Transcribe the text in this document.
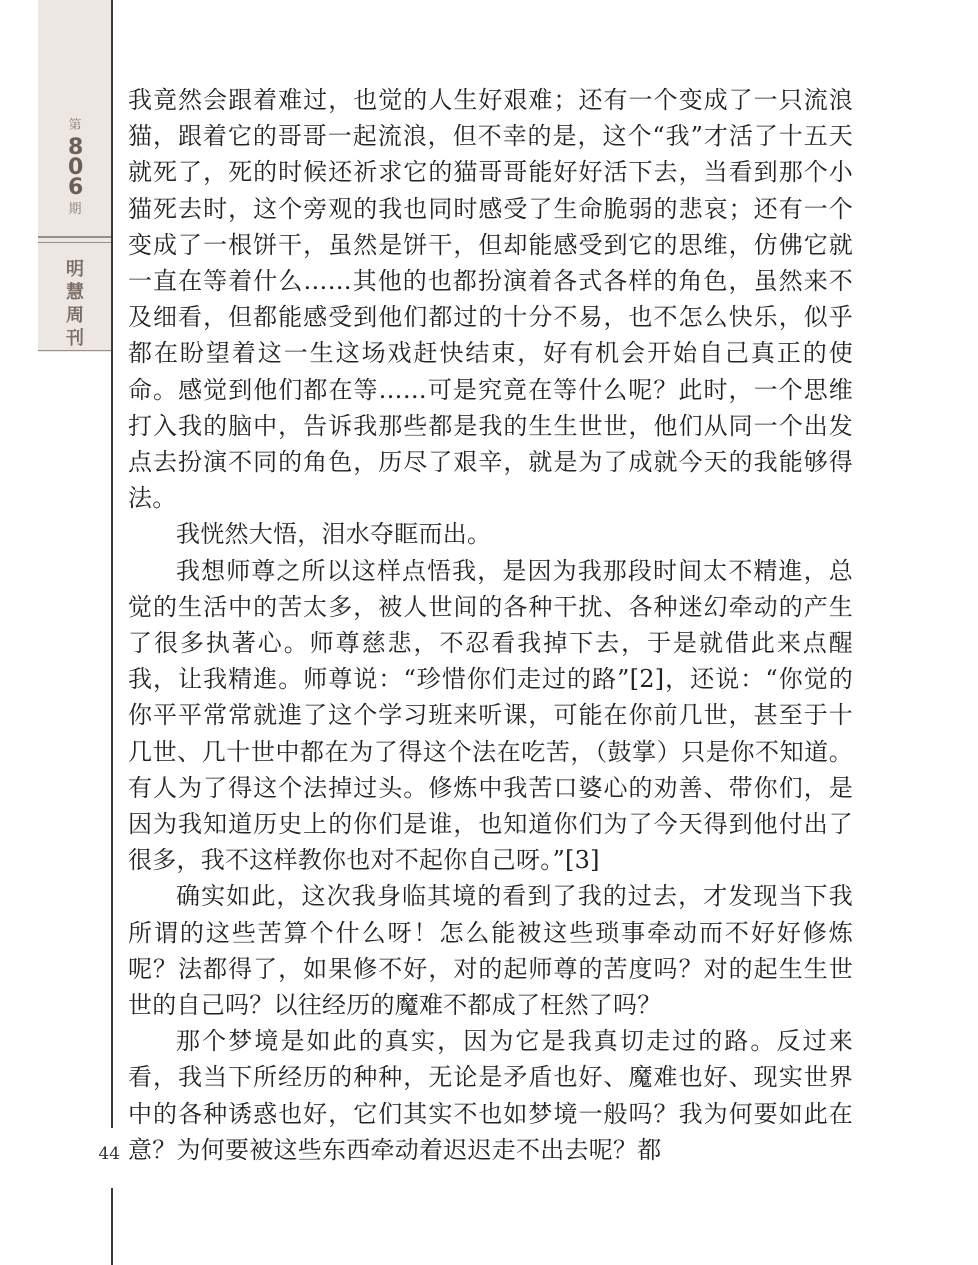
第
806
期
明
慧
周
刊
44

我竟然会跟着难过，也觉的人生好艰难；还有一个变成了一只流浪猫，跟着它的哥哥一起流浪，但不幸的是，这个“我”才活了十五天就死了，死的时候还祈求它的猫哥哥能好好活下去，当看到那个小猫死去时，这个旁观的我也同时感受了生命脆弱的悲哀；还有一个变成了一根饼干，虽然是饼干，但却能感受到它的思维，仿佛它就一直在等着什么……其他的也都扮演着各式各样的角色，虽然来不及细看，但都能感受到他们都过的十分不易，也不怎么快乐，似乎都在盼望着这一生这场戏赶快结束，好有机会开始自己真正的使命。感觉到他们都在等……可是究竟在等什么呢？此时，一个思维打入我的脑中，告诉我那些都是我的生生世世，他们从同一个出发点去扮演不同的角色，历尽了艰辛，就是为了成就今天的我能够得法。

我恍然大悟，泪水夺眶而出。

我想师尊之所以这样点悟我，是因为我那段时间太不精進，总觉的生活中的苦太多，被人世间的各种干扰、各种迷幻牵动的产生了很多执著心。师尊慈悲，不忍看我掉下去，于是就借此来点醒我，让我精進。师尊说：“珍惜你们走过的路”[2]，还说：“你觉的你平平常常就進了这个学习班来听课，可能在你前几世，甚至于十几世、几十世中都在为了得这个法在吃苦，（鼓掌）只是你不知道。有人为了得这个法掉过头。修炼中我苦口婆心的劝善、带你们，是因为我知道历史上的你们是谁，也知道你们为了今天得到他付出了很多，我不这样教你也对不起你自己呀。”[3]

确实如此，这次我身临其境的看到了我的过去，才发现当下我所谓的这些苦算个什么呀！怎么能被这些琐事牵动而不好好修炼呢？法都得了，如果修不好，对的起师尊的苦度吗？对的起生生世世的自己吗？以往经历的魔难不都成了枉然了吗？

那个梦境是如此的真实，因为它是我真切走过的路。反过来看，我当下所经历的种种，无论是矛盾也好、魔难也好、现实世界中的各种诱惑也好，它们其实不也如梦境一般吗？我为何要如此在意？为何要被这些东西牵动着迟迟走不出去呢？都
